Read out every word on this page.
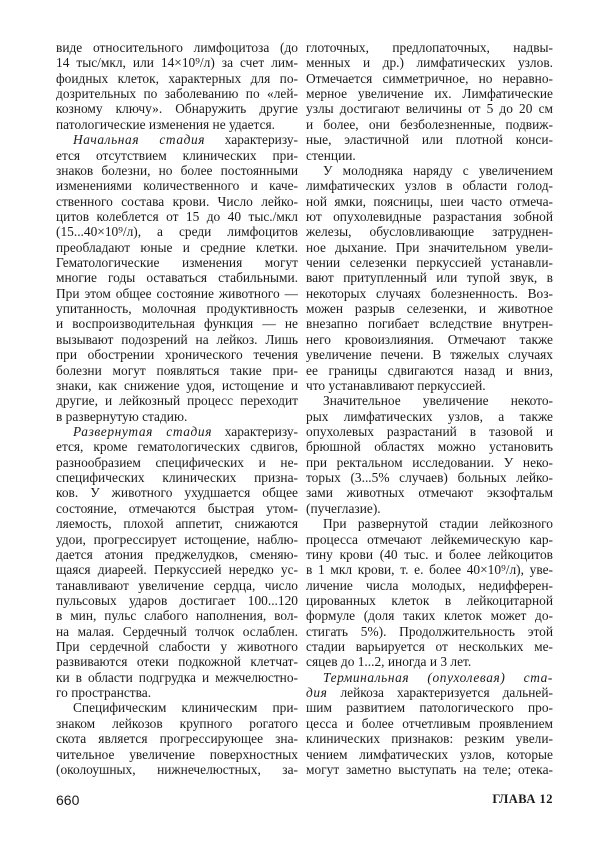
виде относительного лимфоцитоза (до
14 тыс/мкл, или 14×10⁹/л) за счет лим-
фоидных клеток, характерных для по-
дозрительных по заболеванию по «лей-
козному ключу». Обнаружить другие
патологические изменения не удается.
Начальная стадия характеризу-
ется отсутствием клинических при-
знаков болезни, но более постоянными
изменениями количественного и каче-
ственного состава крови. Число лейко-
цитов колеблется от 15 до 40 тыс./мкл
(15...40×10⁹/л), а среди лимфоцитов
преобладают юные и средние клетки.
Гематологические изменения могут
многие годы оставаться стабильными.
При этом общее состояние животного —
упитанность, молочная продуктивность
и воспроизводительная функция — не
вызывают подозрений на лейкоз. Лишь
при обострении хронического течения
болезни могут появляться такие при-
знаки, как снижение удоя, истощение и
другие, и лейкозный процесс переходит
в развернутую стадию.
Развернутая стадия характеризу-
ется, кроме гематологических сдвигов,
разнообразием специфических и не-
специфических клинических призна-
ков. У животного ухудшается общее
состояние, отмечаются быстрая утом-
ляемость, плохой аппетит, снижаются
удои, прогрессирует истощение, наблю-
дается атония преджелудков, сменяю-
щаяся диареей. Перкуссией нередко ус-
танавливают увеличение сердца, число
пульсовых ударов достигает 100...120
в мин, пульс слабого наполнения, вол-
на малая. Сердечный толчок ослаблен.
При сердечной слабости у животного
развиваются отеки подкожной клетчат-
ки в области подгрудка и межчелюстно-
го пространства.
Специфическим клиническим при-
знаком лейкозов крупного рогатого
скота является прогрессирующее зна-
чительное увеличение поверхностных
(околоушных, нижнечелюстных, за-
глоточных, предлопаточных, надвы-
менных и др.) лимфатических узлов.
Отмечается симметричное, но неравно-
мерное увеличение их. Лимфатические
узлы достигают величины от 5 до 20 см
и более, они безболезненные, подвиж-
ные, эластичной или плотной конси-
стенции.
У молодняка наряду с увеличением
лимфатических узлов в области голод-
ной ямки, поясницы, шеи часто отмеча-
ют опухолевидные разрастания зобной
железы, обусловливающие затруднен-
ное дыхание. При значительном увели-
чении селезенки перкуссией устанавли-
вают притупленный или тупой звук, в
некоторых случаях болезненность. Воз-
можен разрыв селезенки, и животное
внезапно погибает вследствие внутрен-
него кровоизлияния. Отмечают также
увеличение печени. В тяжелых случаях
ее границы сдвигаются назад и вниз,
что устанавливают перкуссией.
Значительное увеличение некото-
рых лимфатических узлов, а также
опухолевых разрастаний в тазовой и
брюшной областях можно установить
при ректальном исследовании. У неко-
торых (3...5% случаев) больных лейко-
зами животных отмечают экзофтальм
(пучеглазие).
При развернутой стадии лейкозного
процесса отмечают лейкемическую кар-
тину крови (40 тыс. и более лейкоцитов
в 1 мкл крови, т. е. более 40×10⁹/л), уве-
личение числа молодых, недифферен-
цированных клеток в лейкоцитарной
формуле (доля таких клеток может до-
стигать 5%). Продолжительность этой
стадии варьируется от нескольких ме-
сяцев до 1...2, иногда и 3 лет.
Терминальная (опухолевая) ста-
дия лейкоза характеризуется дальней-
шим развитием патологического про-
цесса и более отчетливым проявлением
клинических признаков: резким увели-
чением лимфатических узлов, которые
могут заметно выступать на теле; отека-
660	ГЛАВА 12
